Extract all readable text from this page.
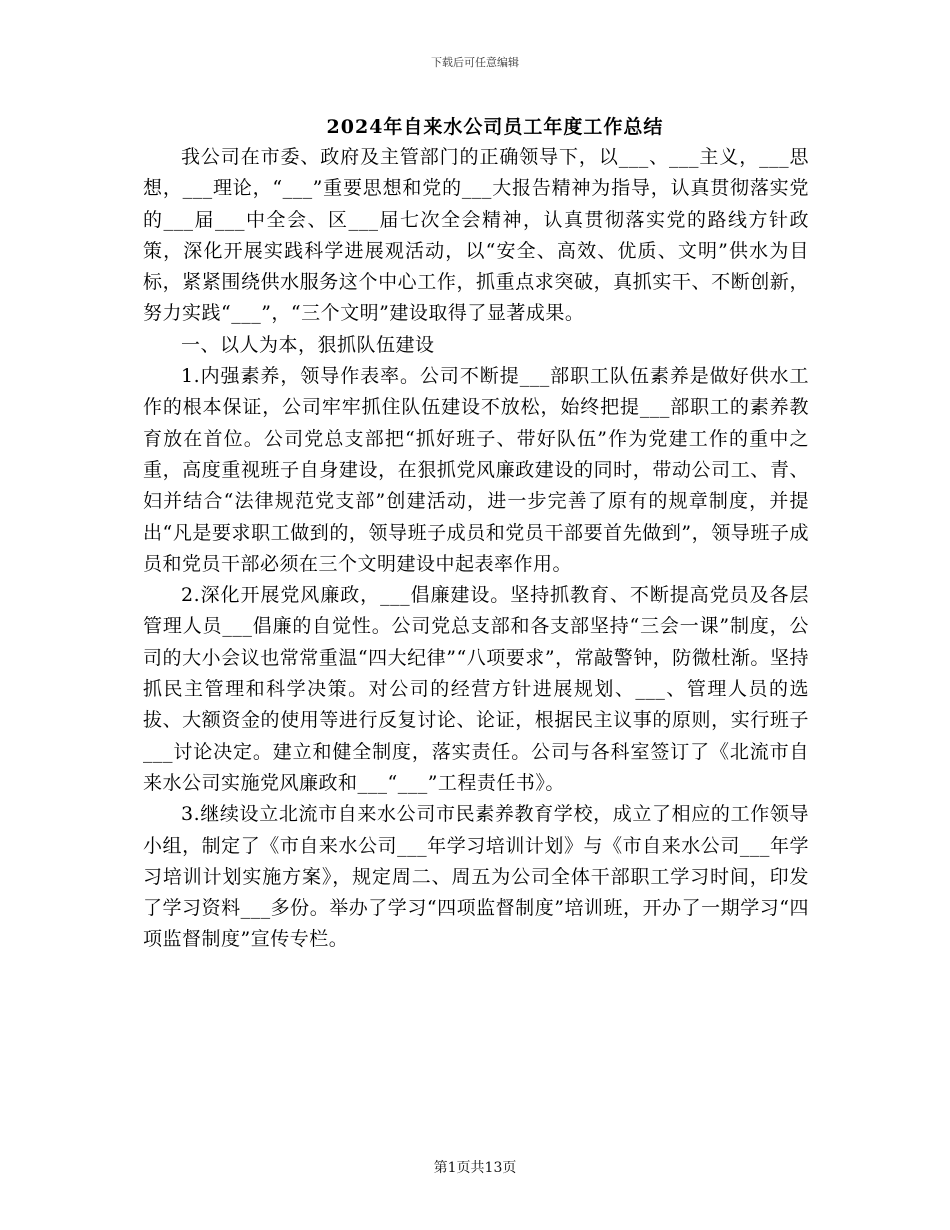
下载后可任意编辑
2024年自来水公司员工年度工作总结

我公司在市委、政府及主管部门的正确领导下，以___、___主义，___思想，___理论，“___”重要思想和党的___大报告精神为指导，认真贯彻落实党的___届___中全会、区___届七次全会精神，认真贯彻落实党的路线方针政策，深化开展实践科学进展观活动，以“安全、高效、优质、文明”供水为目标，紧紧围绕供水服务这个中心工作，抓重点求突破，真抓实干、不断创新，努力实践“___”，“三个文明”建设取得了显著成果。

一、以人为本，狠抓队伍建设

1.内强素养，领导作表率。公司不断提___部职工队伍素养是做好供水工作的根本保证，公司牢牢抓住队伍建设不放松，始终把提___部职工的素养教育放在首位。公司党总支部把“抓好班子、带好队伍”作为党建工作的重中之重，高度重视班子自身建设，在狠抓党风廉政建设的同时，带动公司工、青、妇并结合“法律规范党支部”创建活动，进一步完善了原有的规章制度，并提出“凡是要求职工做到的，领导班子成员和党员干部要首先做到”，领导班子成员和党员干部必须在三个文明建设中起表率作用。

2.深化开展党风廉政，___倡廉建设。坚持抓教育、不断提高党员及各层管理人员___倡廉的自觉性。公司党总支部和各支部坚持“三会一课”制度，公司的大小会议也常常重温“四大纪律”“八项要求”，常敲警钟，防微杜渐。坚持抓民主管理和科学决策。对公司的经营方针进展规划、___、管理人员的选拔、大额资金的使用等进行反复讨论、论证，根据民主议事的原则，实行班子___讨论决定。建立和健全制度，落实责任。公司与各科室签订了《北流市自来水公司实施党风廉政和___“___”工程责任书》。

3.继续设立北流市自来水公司市民素养教育学校，成立了相应的工作领导小组，制定了《市自来水公司___年学习培训计划》与《市自来水公司___年学习培训计划实施方案》，规定周二、周五为公司全体干部职工学习时间，印发了学习资料___多份。举办了学习“四项监督制度”培训班，开办了一期学习“四项监督制度”宣传专栏。

第1页共13页
